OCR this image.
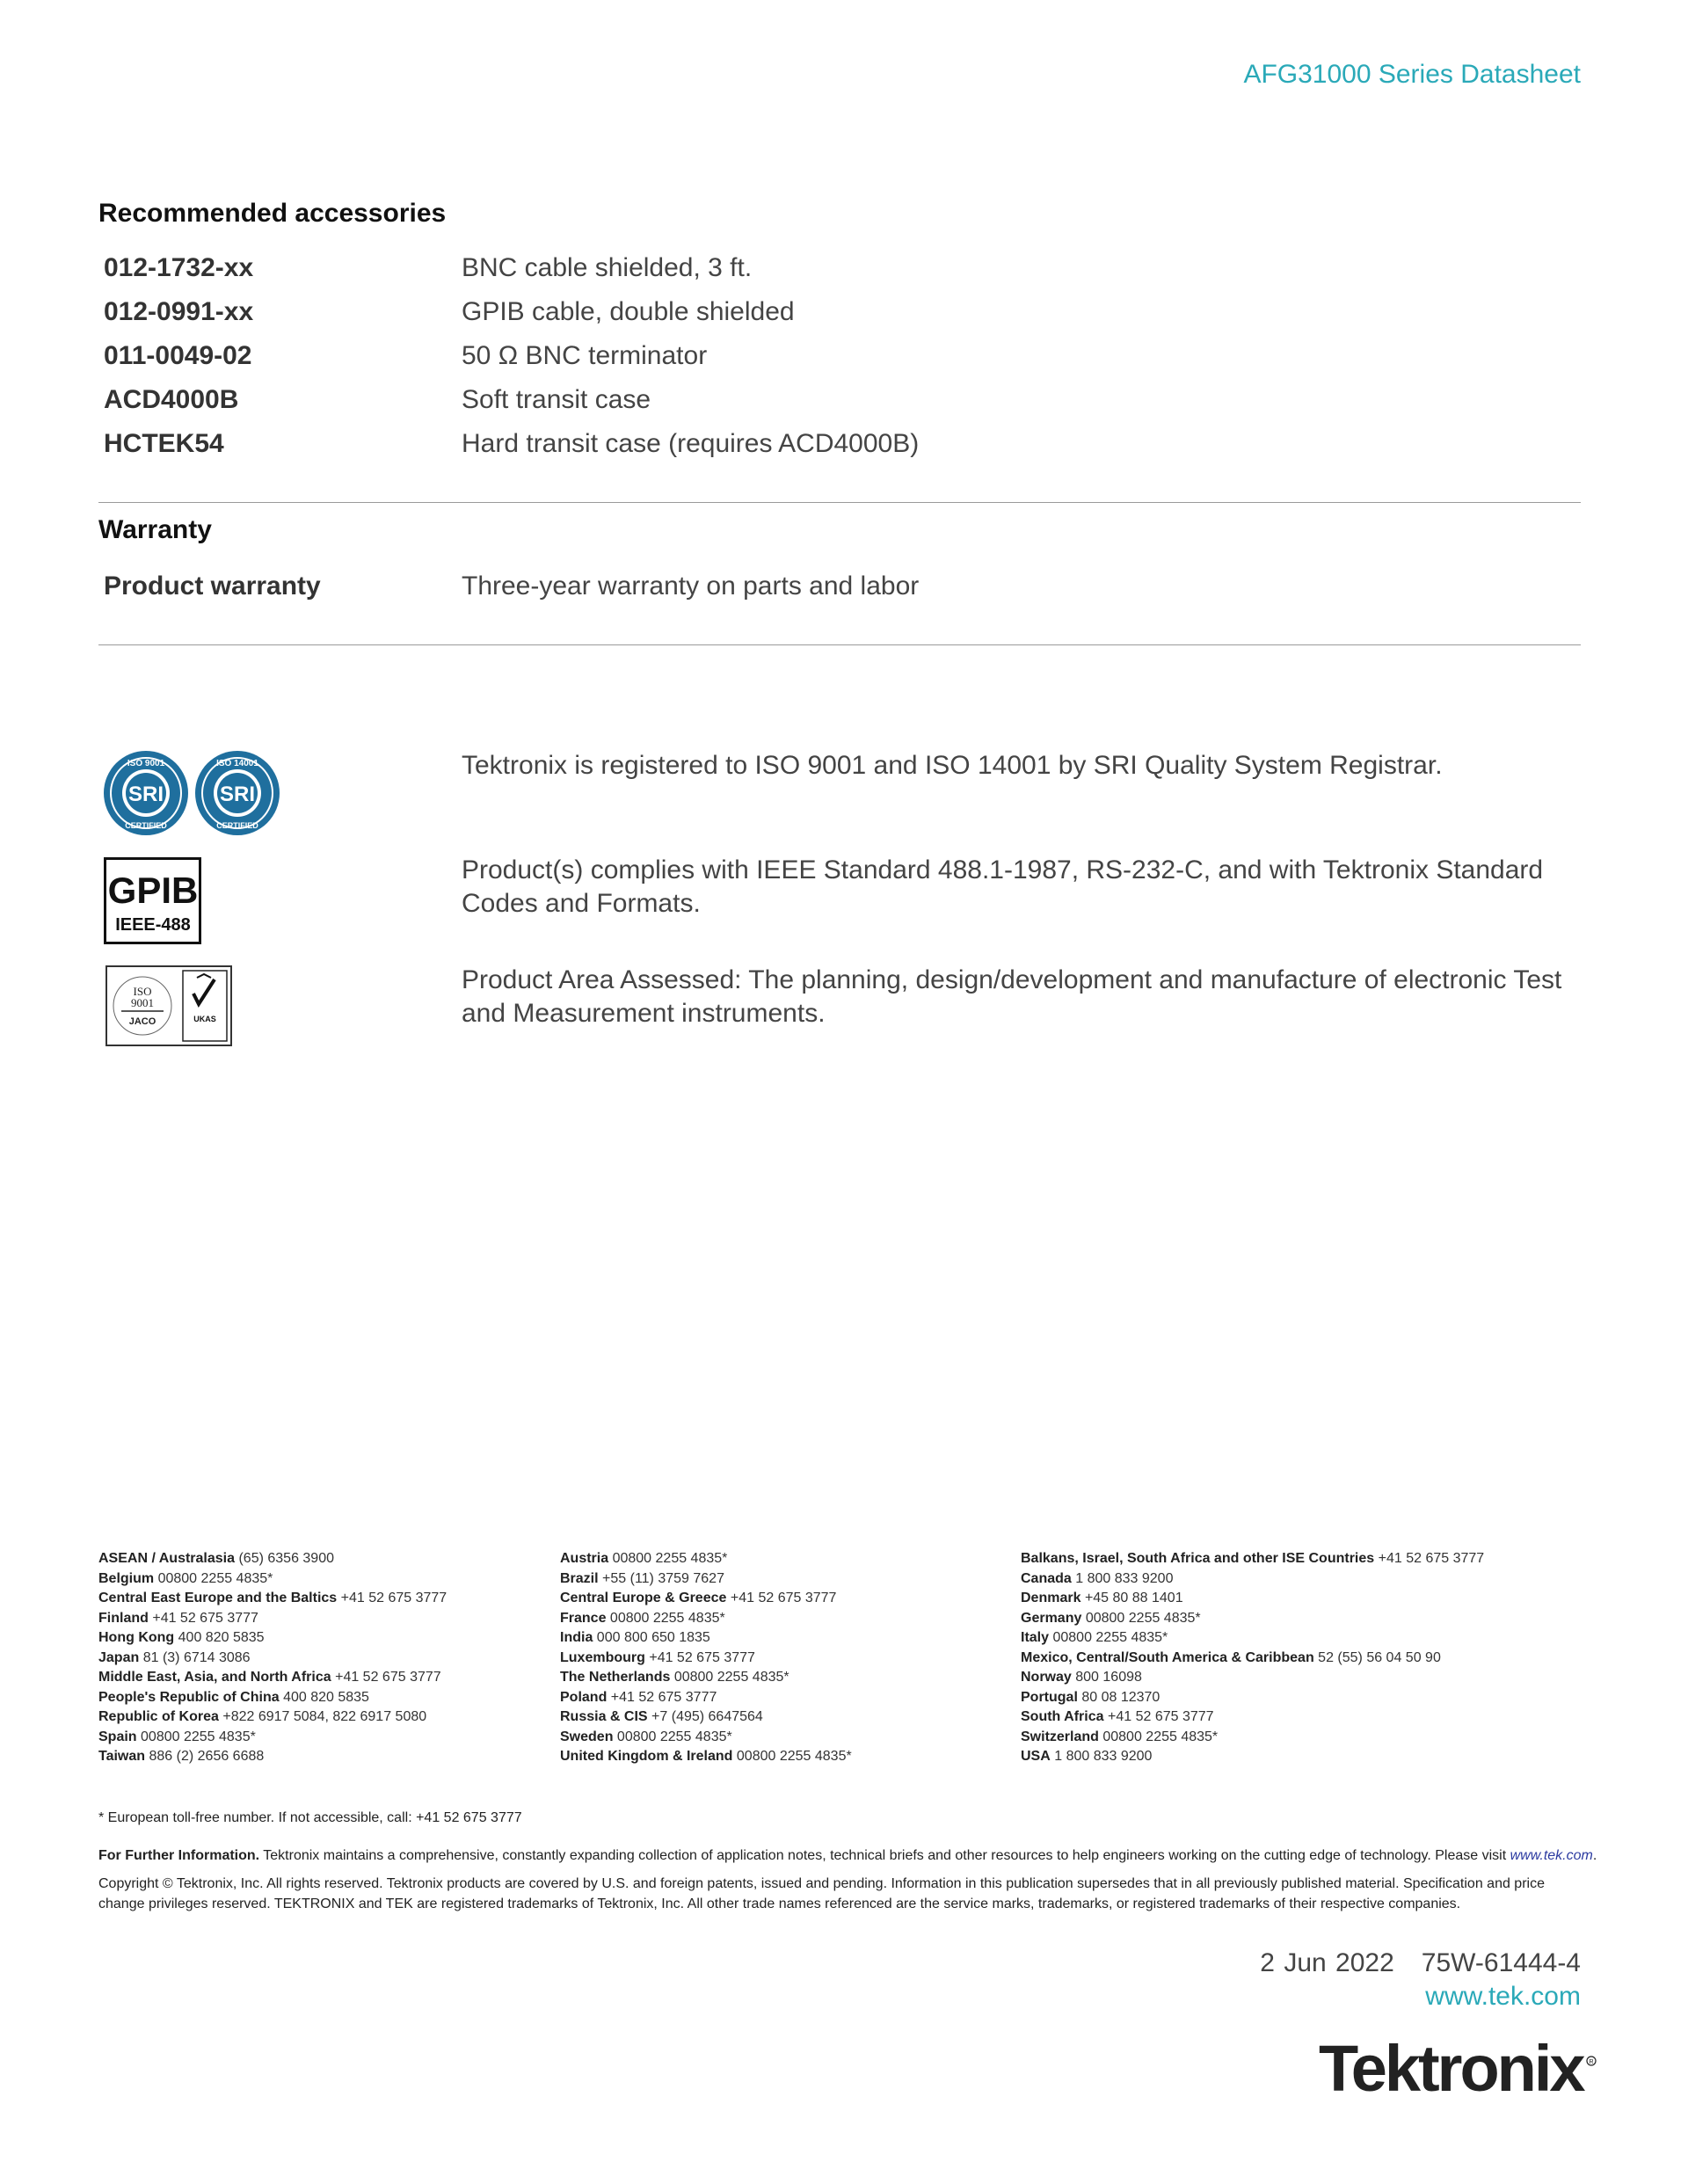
AFG31000 Series Datasheet
Recommended accessories
012-1732-xx	BNC cable shielded, 3 ft.
012-0991-xx	GPIB cable, double shielded
011-0049-02	50 Ω BNC terminator
ACD4000B	Soft transit case
HCTEK54	Hard transit case (requires ACD4000B)
Warranty
Product warranty	Three-year warranty on parts and labor
SRI
ISO 9001
CERTIFIED
SRI
ISO 14001
CERTIFIED
Tektronix is registered to ISO 9001 and ISO 14001 by SRI Quality System Registrar.
GPIB
IEEE-488
Product(s) complies with IEEE Standard 488.1-1987, RS-232-C, and with Tektronix Standard Codes and Formats.
ISO
9001
JACO	UKAS
Product Area Assessed: The planning, design/development and manufacture of electronic Test and Measurement instruments.
ASEAN / Australasia (65) 6356 3900
Belgium 00800 2255 4835*
Central East Europe and the Baltics +41 52 675 3777
Finland +41 52 675 3777
Hong Kong 400 820 5835
Japan 81 (3) 6714 3086
Middle East, Asia, and North Africa +41 52 675 3777
People's Republic of China 400 820 5835
Republic of Korea +822 6917 5084, 822 6917 5080
Spain 00800 2255 4835*
Taiwan 886 (2) 2656 6688
Austria 00800 2255 4835*
Brazil +55 (11) 3759 7627
Central Europe & Greece +41 52 675 3777
France 00800 2255 4835*
India 000 800 650 1835
Luxembourg +41 52 675 3777
The Netherlands 00800 2255 4835*
Poland +41 52 675 3777
Russia & CIS +7 (495) 6647564
Sweden 00800 2255 4835*
United Kingdom & Ireland 00800 2255 4835*
Balkans, Israel, South Africa and other ISE Countries +41 52 675 3777
Canada 1 800 833 9200
Denmark +45 80 88 1401
Germany 00800 2255 4835*
Italy 00800 2255 4835*
Mexico, Central/South America & Caribbean 52 (55) 56 04 50 90
Norway 800 16098
Portugal 80 08 12370
South Africa +41 52 675 3777
Switzerland 00800 2255 4835*
USA 1 800 833 9200
* European toll-free number. If not accessible, call: +41 52 675 3777
For Further Information. Tektronix maintains a comprehensive, constantly expanding collection of application notes, technical briefs and other resources to help engineers working on the cutting edge of technology. Please visit www.tek.com.
Copyright © Tektronix, Inc. All rights reserved. Tektronix products are covered by U.S. and foreign patents, issued and pending. Information in this publication supersedes that in all previously published material. Specification and price change privileges reserved. TEKTRONIX and TEK are registered trademarks of Tektronix, Inc. All other trade names referenced are the service marks, trademarks, or registered trademarks of their respective companies.
2 Jun 2022   75W-61444-4
www.tek.com
Tektronix R
